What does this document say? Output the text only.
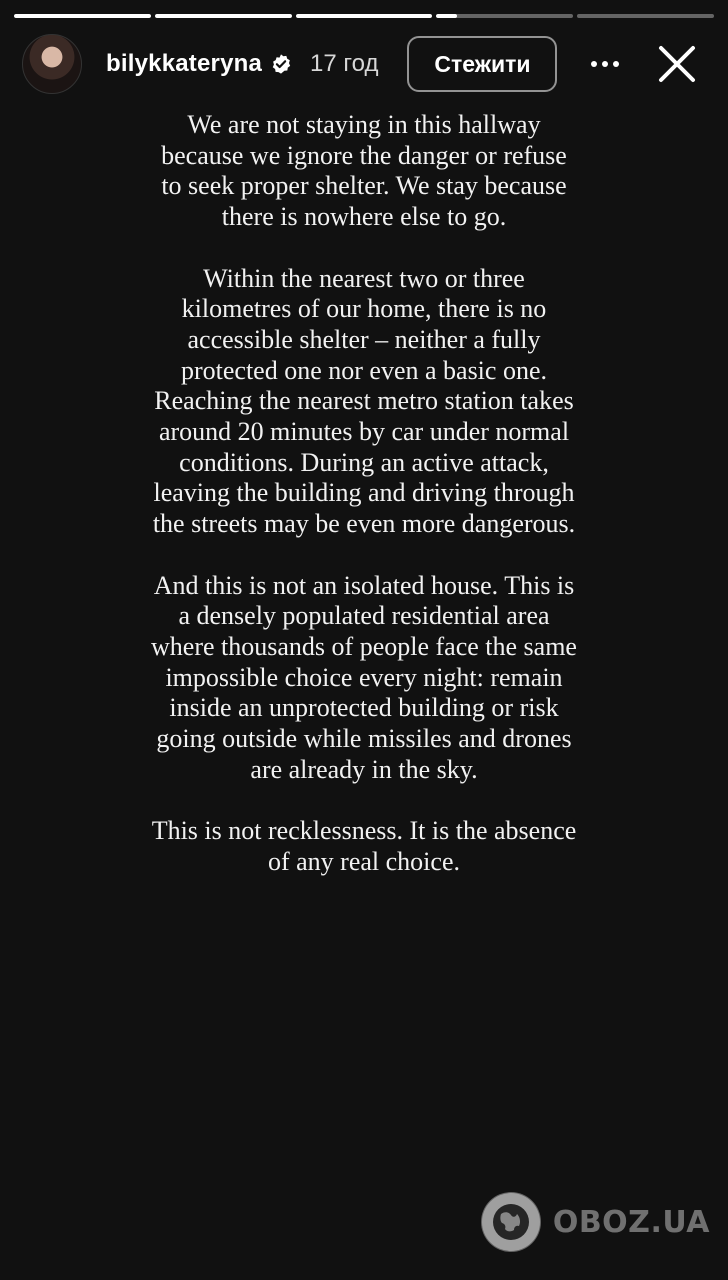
bilykkateryna 17 год	Стежити

We are not staying in this hallway because we ignore the danger or refuse to seek proper shelter. We stay because there is nowhere else to go.

Within the nearest two or three kilometres of our home, there is no accessible shelter – neither a fully protected one nor even a basic one. Reaching the nearest metro station takes around 20 minutes by car under normal conditions. During an active attack, leaving the building and driving through the streets may be even more dangerous.

And this is not an isolated house. This is a densely populated residential area where thousands of people face the same impossible choice every night: remain inside an unprotected building or risk going outside while missiles and drones are already in the sky.

This is not recklessness. It is the absence of any real choice.

OBOZ.UA
